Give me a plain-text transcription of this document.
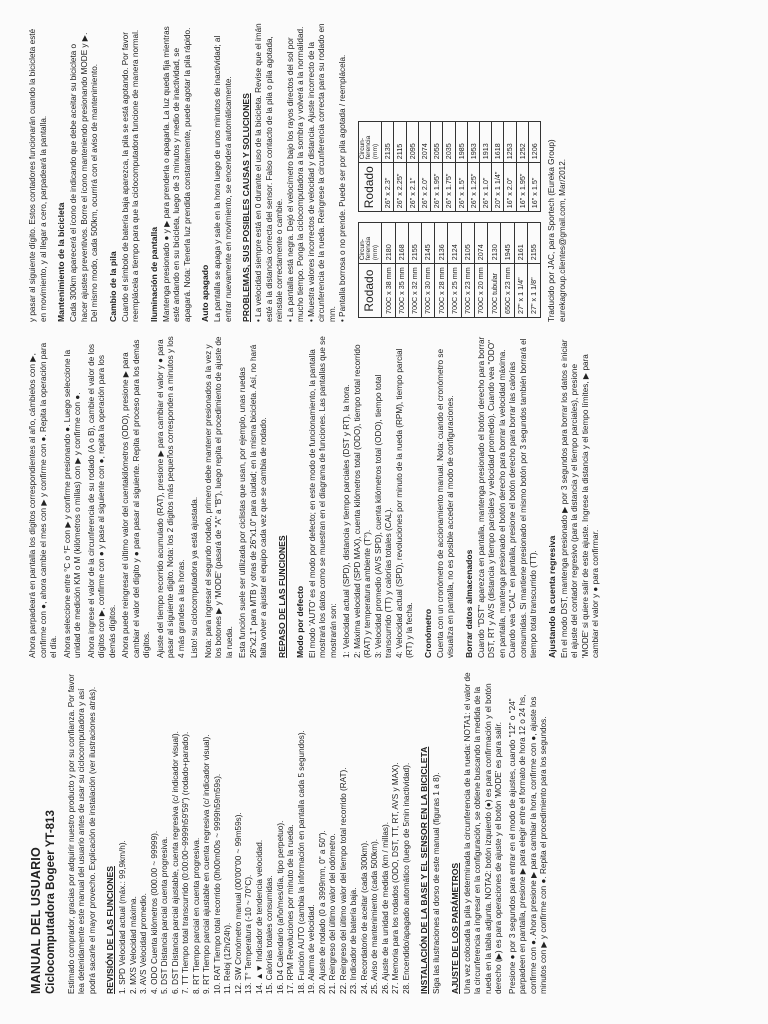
MANUAL DEL USUARIO Ciclocomputadora Bogeer YT-813 Estimado comprador, gracias por adquirir nuestro producto y por su confianza. Por favor lea detenidamente este manual del usuario antes de usar su ciclocomputadora y así podrá sacarle el mayor provecho. Explicación de instalación (ver ilustraciones atrás). REVISIÓN DE LAS FUNCIONES 1. SPD Velocidad actual (máx.: 99,9km/h). 2. MXS Velocidad máxima. 3. AVS Velocidad promedio. 4. ODO Cuenta kilómetros (000.00 ~ 99999). 5. DST Distancia parcial cuenta progresiva. 6. DST Distancia parcial ajustable, cuenta regresiva (c/ indicador visual). 7. TT Tiempo total transcurrido (0:00:00~9999h59'59") (rodado+parado). 8. RT Tiempo parcial en cuenta progresiva. 9. RT Tiempo parcial ajustable en cuenta regresiva (c/ indicador visual). 10. RAT Tiempo total recorrido (0h00m00s ~ 9999h59m59s). 11. Reloj (12h/24h). 12. SW Cronómetro manual (00'00"00 ~ 99m59s). 13. T° Temperatura (-10 ~ 70°C). 14. ▲▼ Indicador de tendencia velocidad. 15. Calorías totales consumidas. 16. D4 Calendario (año/mes/día, tipo perpetuo). 17. RPM Revoluciones por minuto de la rueda. 18. Función AUTO (cambia la información en pantalla cada 5 segundos). 19. Alarma de velocidad. 20. Ajuste de rodado (0 a 3999mm, 0" a 50"). 21. Reingreso del último valor del odómetro. 22. Reingreso del último valor del tiempo total recorrido (RAT). 23. Indicador de batería baja. 24. Recordatorio de aceitar (cada 300km). 25. Aviso de mantenimiento (cada 500km). 26. Ajuste de la unidad de medida (km / millas). 27. Memoria para los rodados (ODO, DST, TT, RT, AVS y MAX). 28. Encendido/apagado automático (luego de 5min inactividad). INSTALACIÓN DE LA BASE Y EL SENSOR EN LA BICICLETA Siga las ilustraciones al dorso de este manual (figuras 1 a 8). AJUSTE DE LOS PARÁMETROS Una vez colocada la pila y determinada la circunferencia de la rueda: NOTA1: el valor de la circunferencia a ingresar en la configuración, se obtiene buscando la medida de la rueda en la tabla adjunta. NOTA2: botón izquierdo (●) es para confirmación y el botón derecho (▶) es para operaciones de ajuste y el botón 'MODE' es para salir. Presione ● por 3 segundos para entrar en el modo de ajustes, cuando "12" o "24" parpadeen en pantalla, presione ▶ para elegir entre el formato de hora 12 o 24 hs, confirme con ●. Ahora presione ▶ para cambiar la hora, confirme con ●, ajuste los minutos con ▶ y confirme con ●. Repita el procedimiento para los segundos.

Ahora parpadeará en pantalla los dígitos correspondientes al año, cámbielos con ▶, confirme con ●, ahora cambie el mes con ▶ y confirme con ●. Repita la operación para el día. Ahora seleccione entre °C o °F con ▶ y confirme presionando ●. Luego seleccione la unidad de medición KM o M (kilómetros o millas) con ▶ y confirme con ●. Ahora ingrese el valor de la circunferencia de su rodado (A o B), cambie el valor de los dígitos con ▶, confirme con ● y pase al siguiente con ●, repita la operación para los demás dígitos. Ahora puede reingresar el último valor del cuentakilómetros (ODO), presione ▶ para cambiar el valor del dígito y ● para pasar al siguiente. Repita el proceso para los demás dígitos. Ajuste del tiempo recorrido acumulado (RAT), presione ▶ para cambiar el valor y ● para pasar al siguiente dígito. Nota: los 2 dígitos más pequeños corresponden a minutos y los 4 más grandes a las horas. Listo! su ciclocomputadora ya está ajustada. Nota: para ingresar el segundo rodado, primero debe mantener presionados a la vez y los botones ▶ y 'MODE' (pasará de "A" a "B"), luego repita el procedimiento de ajuste de la rueda. Esta función suele ser utilizada por ciclistas que usan, por ejemplo, unas ruedas 26"x2.1" para MTB y otras de 26"x1.0" para ciudad; en la misma bicicleta. Así, no hará falta volver a ajustar el equipo cada vez que se cambia de rodado. REPASO DE LAS FUNCIONES Modo por defecto El modo 'AUTO' es el modo por defecto; en este modo de funcionamiento, la pantalla mostrará los datos como se muestran en el diagrama de funciones. Las pantallas que se mostrarán son: 1: Velocidad actual (SPD), distancia y tiempo parciales (DST y RT), la hora. 2: Máxima velocidad (SPD MAX), cuenta kilómetros total (ODO), tiempo total recorrido (RAT) y temperatura ambiente (T°). 3: Velocidad promedio (AVS SPD), cuenta kilómetros total (ODO), tiempo total transcurrido (TT) y calorías totales (CAL). 4: Velocidad actual (SPD), revoluciones por minuto de la rueda (RPM), tiempo parcial (RT) y la fecha. Cronómetro Cuenta con un cronómetro de accionamiento manual. Nota: cuando el cronómetro se visualiza en pantalla, no es posible acceder al modo de configuraciones. Borrar datos almacenados Cuando "DST" aparezca en pantalla, mantenga presionado el botón derecho para borrar DST, RT y AVS (distancia y tiempo parciales y velocidad promedio). Cuando vea "ODO" en pantalla, mantenga presionado el botón derecho para borrar la velocidad máxima. Cuando vea "CAL" en pantalla, presione el botón derecho para borrar las calorías consumidas. Si mantiene presionado el mismo botón por 3 segundos también borrará el tiempo total transcurrido (TT). Ajustando la cuenta regresiva En el modo DST, mantenga presionado ▶ por 3 segundos para borrar los datos e iniciar el ajuste del contador regresivo (para la distancia y el tiempo parciales), presione 'MODE' si quiere salir de este ajuste. Ingrese la distancia y el tiempo límites, ▶ para cambiar el valor y ● para confirmar.

y pasar al siguiente dígito. Estos contadores funcionarán cuando la bicicleta esté en movimiento, y al llegar a cero, parpadeará la pantalla. Mantenimiento de la bicicleta Cada 300km aparecerá el ícono de indicando que debe aceitar su bicicleta o hacer ajustes preventivos. Borre el ícono manteniendo presionando MODE y ▶. Del mismo modo, cada 500km, ocurrirá con el aviso de mantenimiento. Cambio de la pila Cuando el símbolo de batería baja aparezca, la pila se está agotando. Por favor reemplácela a tiempo para que la ciclocomputadora funcione de manera normal. Iluminación de pantalla Mantenga presionado ● y ▶ para prenderla o apagarla. La luz queda fija mientras esté andando en su bicicleta, luego de 3 minutos y medio de inactividad, se apagará. Nota: Tenerla luz prendida constantemente, puede agotar la pila rápido. Auto apagado La pantalla se apaga y sale en la hora luego de unos minutos de inactividad; al entrar nuevamente en movimiento, se encenderá automáticamente. PROBLEMAS, SUS POSIBLES CAUSAS Y SOLUCIONES • La velocidad siempre está en 0 durante el uso de la bicicleta. Revise que el imán esté a la distancia correcta del sensor. Falso contacto de la pila o pila agotada, reinstale correctamente o cambie. • La pantalla está negra. Dejó el velocímetro bajo los rayos directos del sol por mucho tiempo. Ponga la ciclocomputadora a la sombra y volverá a la normalidad. • Muestra valores incorrectos de velocidad y distancia. Ajuste incorrecto de la circunferencia de la rueda. Reingrese la circunferencia correcta para su rodado en mm. • Pantalla borrosa o no prende. Puede ser por pila agotada / reemplácela. Rodado	Circun-ferencia (mm)
700C x 38 mm	2180
700C x 35 mm	2168
700C x 32 mm	2155
700C x 30 mm	2145
700C x 28 mm	2136
700C x 25 mm	2124
700C x 23 mm	2105
700C x 20 mm	2074
700C tubular	2130
650C x 23 mm	1945
27" x 1 1/4"	2161
27" x 1 1/8"	2155
Rodado	Circun-ferencia (mm)
26" x 2.3"	2135
26" x 2.25"	2115
26" x 2.1"	2095
26" x 2.0"	2074
26" x 1.95"	2055
26" x 1.75"	2035
26" x 1.5"	1985
26" x 1.25"	1953
26" x 1.0"	1913
20" x 1 1/4"	1618
16" x 2.0"	1253
16" x 1.95"	1252
16" x 1.5"	1206 Traducido por JAC, para Sportech (Eureka Group) eurekagroup.clientes@gmail.com, Mar/2012.
